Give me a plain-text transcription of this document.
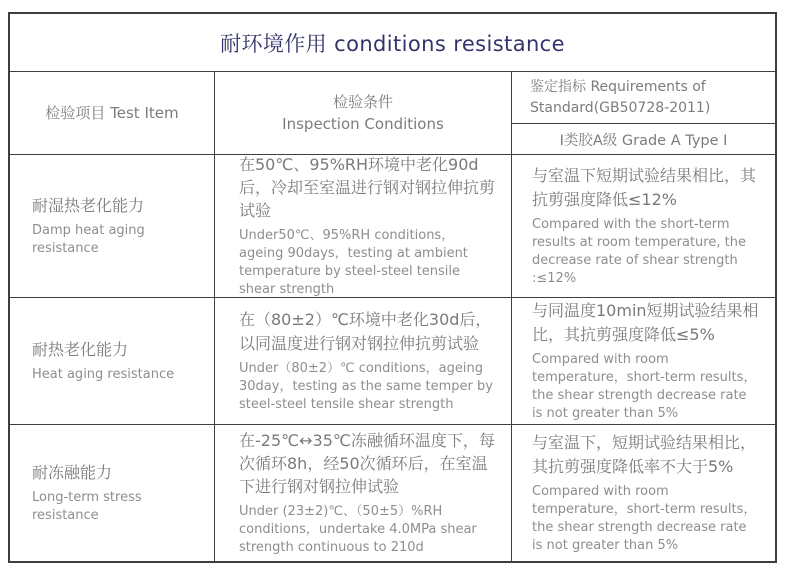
耐环境作用 conditions resistance
检验项目 Test Item
检验条件
Inspection Conditions
鉴定指标 Requirements of Standard(GB50728-2011)
Ⅰ类胶A级 Grade A Type Ⅰ
耐湿热老化能力
Damp heat aging resistance
在50℃、95%RH环境中老化90d后，冷却至室温进行钢对钢拉伸抗剪试验
Under50℃、95%RH conditions，ageing 90days，testing at ambient temperature by steel-steel tensile shear strength
与室温下短期试验结果相比，其抗剪强度降低≤12%
Compared with the short-term results at room temperature, the decrease rate of shear strength :≤12%
耐热老化能力
Heat aging resistance
在（80±2）℃环境中老化30d后，以同温度进行钢对钢拉伸抗剪试验
Under（80±2）℃ conditions，ageing 30day，testing as the same temper by steel-steel tensile shear strength
与同温度10min短期试验结果相比，其抗剪强度降低≤5%
Compared with room temperature，short-term results，the shear strength decrease rate is not greater than 5%
耐冻融能力
Long-term stress resistance
在-25℃↔35℃冻融循环温度下，每次循环8h，经50次循环后，在室温下进行钢对钢拉伸试验
Under (23±2)℃、（50±5）%RH conditions，undertake 4.0MPa shear strength continuous to 210d
与室温下，短期试验结果相比，其抗剪强度降低率不大于5%
Compared with room temperature，short-term results，the shear strength decrease rate is not greater than 5%
